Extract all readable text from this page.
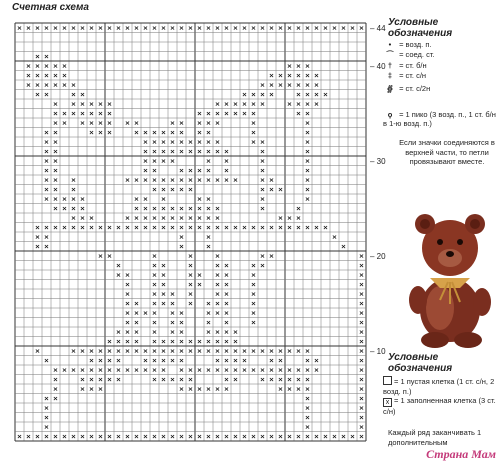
Счетная схема
× × × × × × × × × × × × × × × × × × × × × × × × × × × × × × × × × × × × × × ×
× ×
× × × × ×	× × ×
× × × × ×	× × × × × ×
× × × × × ×	× × × × × × ×
× ×	× ×	× × × ×	× × × ×
× × × × × ×	× × × × × ×	× × × ×
× × × × × × ×	× × × × × × ×	× ×
× × × × × × × ×	× × × × ×	×	×
× ×	× × ×	× × × × × × × ×	×	×
× ×	× × × × × × × × ×	× ×	×
× ×	× × × × × × × × × ×	×	×
× ×	× × × ×	× ×	×	×
× ×	× ×	× × × × ×	×	×
× × ×	× × × × × × × × × × × × ×	× ×	×
× × ×	× × × × ×	× × ×	×
× × × × ×	× × ×	× ×	×	×
× × × ×	× × × × × × × × × ×	×	×
× × ×	× × × × × × × × × × ×	× × ×
× × × × × × × × × × × × × × × × × × × × × × × × × × × × × × × × ×
× ×	×	×	×
× ×	×	×	×
× ×	×	×	×	× ×	×
×	× ×	×	× ×	× ×	×
× ×	× ×	× × × ×	×	×
×	× ×	× × × ×	×	×
×	× × × ×	× ×	×	×
× × × × × × × × ×	×	×
× × × × × ×	× × ×	×	×
× × × × ×	× ×	×	×
× × × × × ×	× × × ×	×
× × × × × × × × × × × × × ×	×
×	× × × × × × × × × × × × × × × × × × × × × × × × × × ×	×
×	× × × ×	× × × × ×	× × × ×	× ×	× ×	×
× × × × × × × × × × × × × × × × × × × × × × × × × × × × ×	×
×	× × × × ×	× × × × ×	× ×	× × × × × ×	×
×	× × ×	× × × × × ×	× × × ×	×
× ×	×	×
×	×	×
×	×	×
×	×	×
× × × × × × × × × × × × × × × × × × × × × × × × × × × × × × × × × × × × × × ×
– 44
– 40
– 30
– 20
– 10
Условные обозначения
• = возд. п.
⌒ = соед. ст.
† = ст. б/н
‡ = ст. с/н
∯ = ст. с/2н
ϙ = 1 пико (3 возд. п., 1 ст. б/н в 1-ю возд. п.)
Если значки соединяются в верхней части, то петли провязывают вместе.
Условные обозначения
= 1 пустая клетка (1 ст. с/н, 2 возд. п.)
x = 1 заполненная клетка (3 ст. с/н)
Каждый ряд заканчивать 1 дополнительным
Страна Мам
